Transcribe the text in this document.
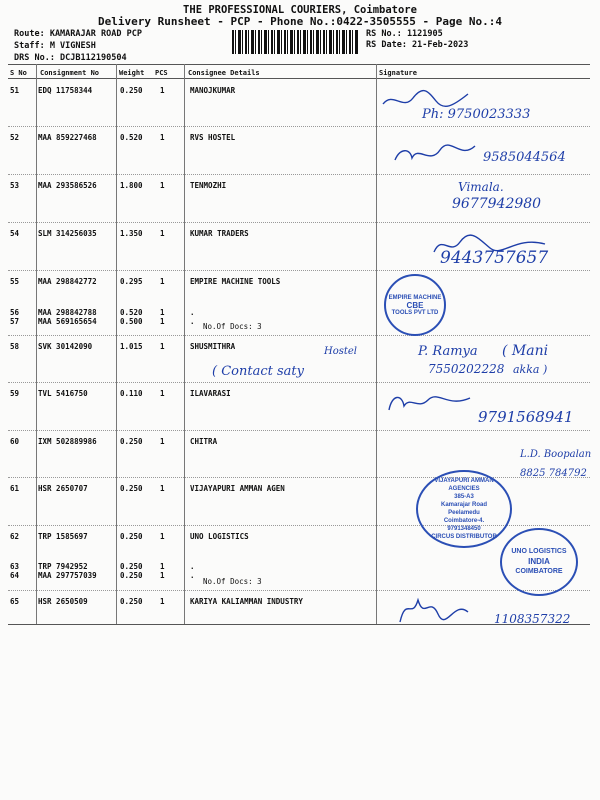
THE PROFESSIONAL COURIERS, Coimbatore
Delivery Runsheet - PCP - Phone No.:0422-3505555 - Page No.:4
Route: KAMARAJAR ROAD PCP
Staff: M VIGNESH
DRS No.: DCJB112190504
RS No.: 1121905
RS Date: 21-Feb-2023
S No Consignment No	Weight PCS	Consignee Details	Signature
51	EDQ 11758344	0.250 1	MANOJKUMAR
52	MAA 859227468	0.520 1	RVS HOSTEL
53	MAA 293586526	1.800 1	TENMOZHI
54	SLM 314256035	1.350 1	KUMAR TRADERS
55	MAA 298842772	0.295 1	EMPIRE MACHINE TOOLS
56	MAA 298842788	0.520 1	.
57	MAA 569165654	0.500 1	.
58	SVK 30142090	1.015 1	SHUSMITHRA
59	TVL 5416750	0.110 1	ILAVARASI
60	IXM 502889986	0.250 1	CHITRA
61	HSR 2650707	0.250 1	VIJAYAPURI AMMAN AGEN
62	TRP 1585697	0.250 1	UNO LOGISTICS
63	TRP 7942952	0.250 1	.
64	MAA 297757039	0.250 1	.
65	HSR 2650509	0.250 1	KARIYA KALIAMMAN INDUSTRY
No.Of Docs: 3
No.Of Docs: 3
Ph: 9750023333
9585044564
Vimala.
9677942980
9443757657
EMPIRE MACHINE
CBE
TOOLS PVT LTD
P. Ramya ( Mani
7550202228 akka )
Hostel
( Contact saty
9791568941
L.D. Boopalan
8825 784792
VIJAYAPURI AMMAN AGENCIES
385-A3
Kamarajar Road
Peelamedu
Coimbatore-4.
9791348450
CIRCUS DISTRIBUTOR
UNO LOGISTICS
INDIA
COIMBATORE
1108357322
